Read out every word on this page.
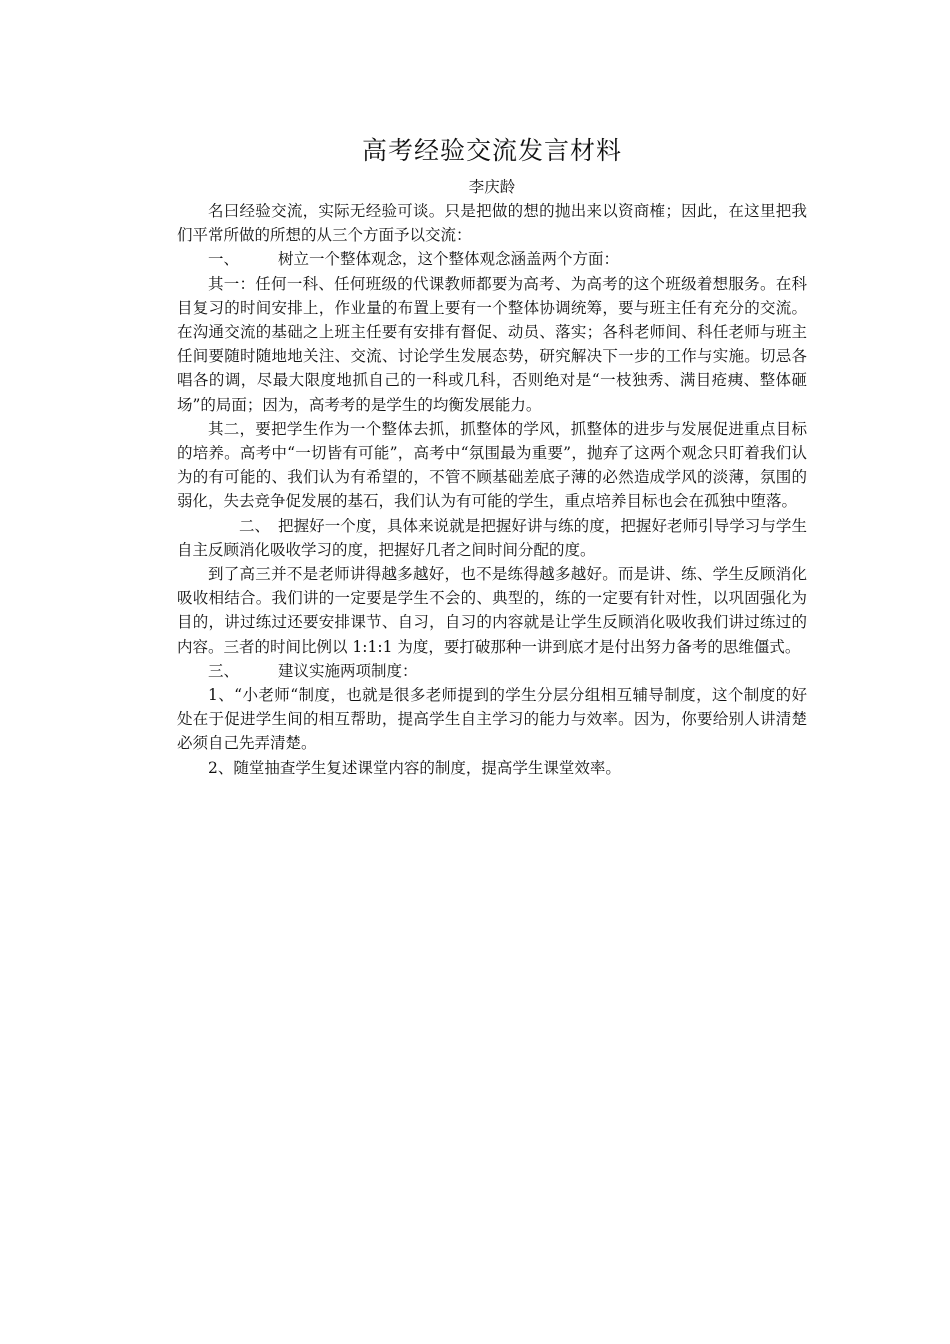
高考经验交流发言材料

李庆龄

名曰经验交流，实际无经验可谈。只是把做的想的抛出来以资商榷；因此，在这里把我们平常所做的所想的从三个方面予以交流：

一、	树立一个整体观念，这个整体观念涵盖两个方面：

其一：任何一科、任何班级的代课教师都要为高考、为高考的这个班级着想服务。在科目复习的时间安排上，作业量的布置上要有一个整体协调统筹，要与班主任有充分的交流。在沟通交流的基础之上班主任要有安排有督促、动员、落实；各科老师间、科任老师与班主任间要随时随地地关注、交流、讨论学生发展态势，研究解决下一步的工作与实施。切忌各唱各的调，尽最大限度地抓自己的一科或几科，否则绝对是“一枝独秀、满目疮痍、整体砸场”的局面；因为，高考考的是学生的均衡发展能力。

其二，要把学生作为一个整体去抓，抓整体的学风，抓整体的进步与发展促进重点目标的培养。高考中“一切皆有可能”，高考中“氛围最为重要”，抛弃了这两个观念只盯着我们认为的有可能的、我们认为有希望的，不管不顾基础差底子薄的必然造成学风的淡薄，氛围的弱化，失去竞争促发展的基石，我们认为有可能的学生，重点培养目标也会在孤独中堕落。

二、 把握好一个度，具体来说就是把握好讲与练的度，把握好老师引导学习与学生自主反顾消化吸收学习的度，把握好几者之间时间分配的度。

到了高三并不是老师讲得越多越好，也不是练得越多越好。而是讲、练、学生反顾消化吸收相结合。我们讲的一定要是学生不会的、典型的，练的一定要有针对性，以巩固强化为目的，讲过练过还要安排课节、自习，自习的内容就是让学生反顾消化吸收我们讲过练过的内容。三者的时间比例以 1:1:1 为度，要打破那种一讲到底才是付出努力备考的思维僵式。

三、	建议实施两项制度：

1、“小老师“制度，也就是很多老师提到的学生分层分组相互辅导制度，这个制度的好处在于促进学生间的相互帮助，提高学生自主学习的能力与效率。因为，你要给别人讲清楚必须自己先弄清楚。

2、随堂抽查学生复述课堂内容的制度，提高学生课堂效率。
